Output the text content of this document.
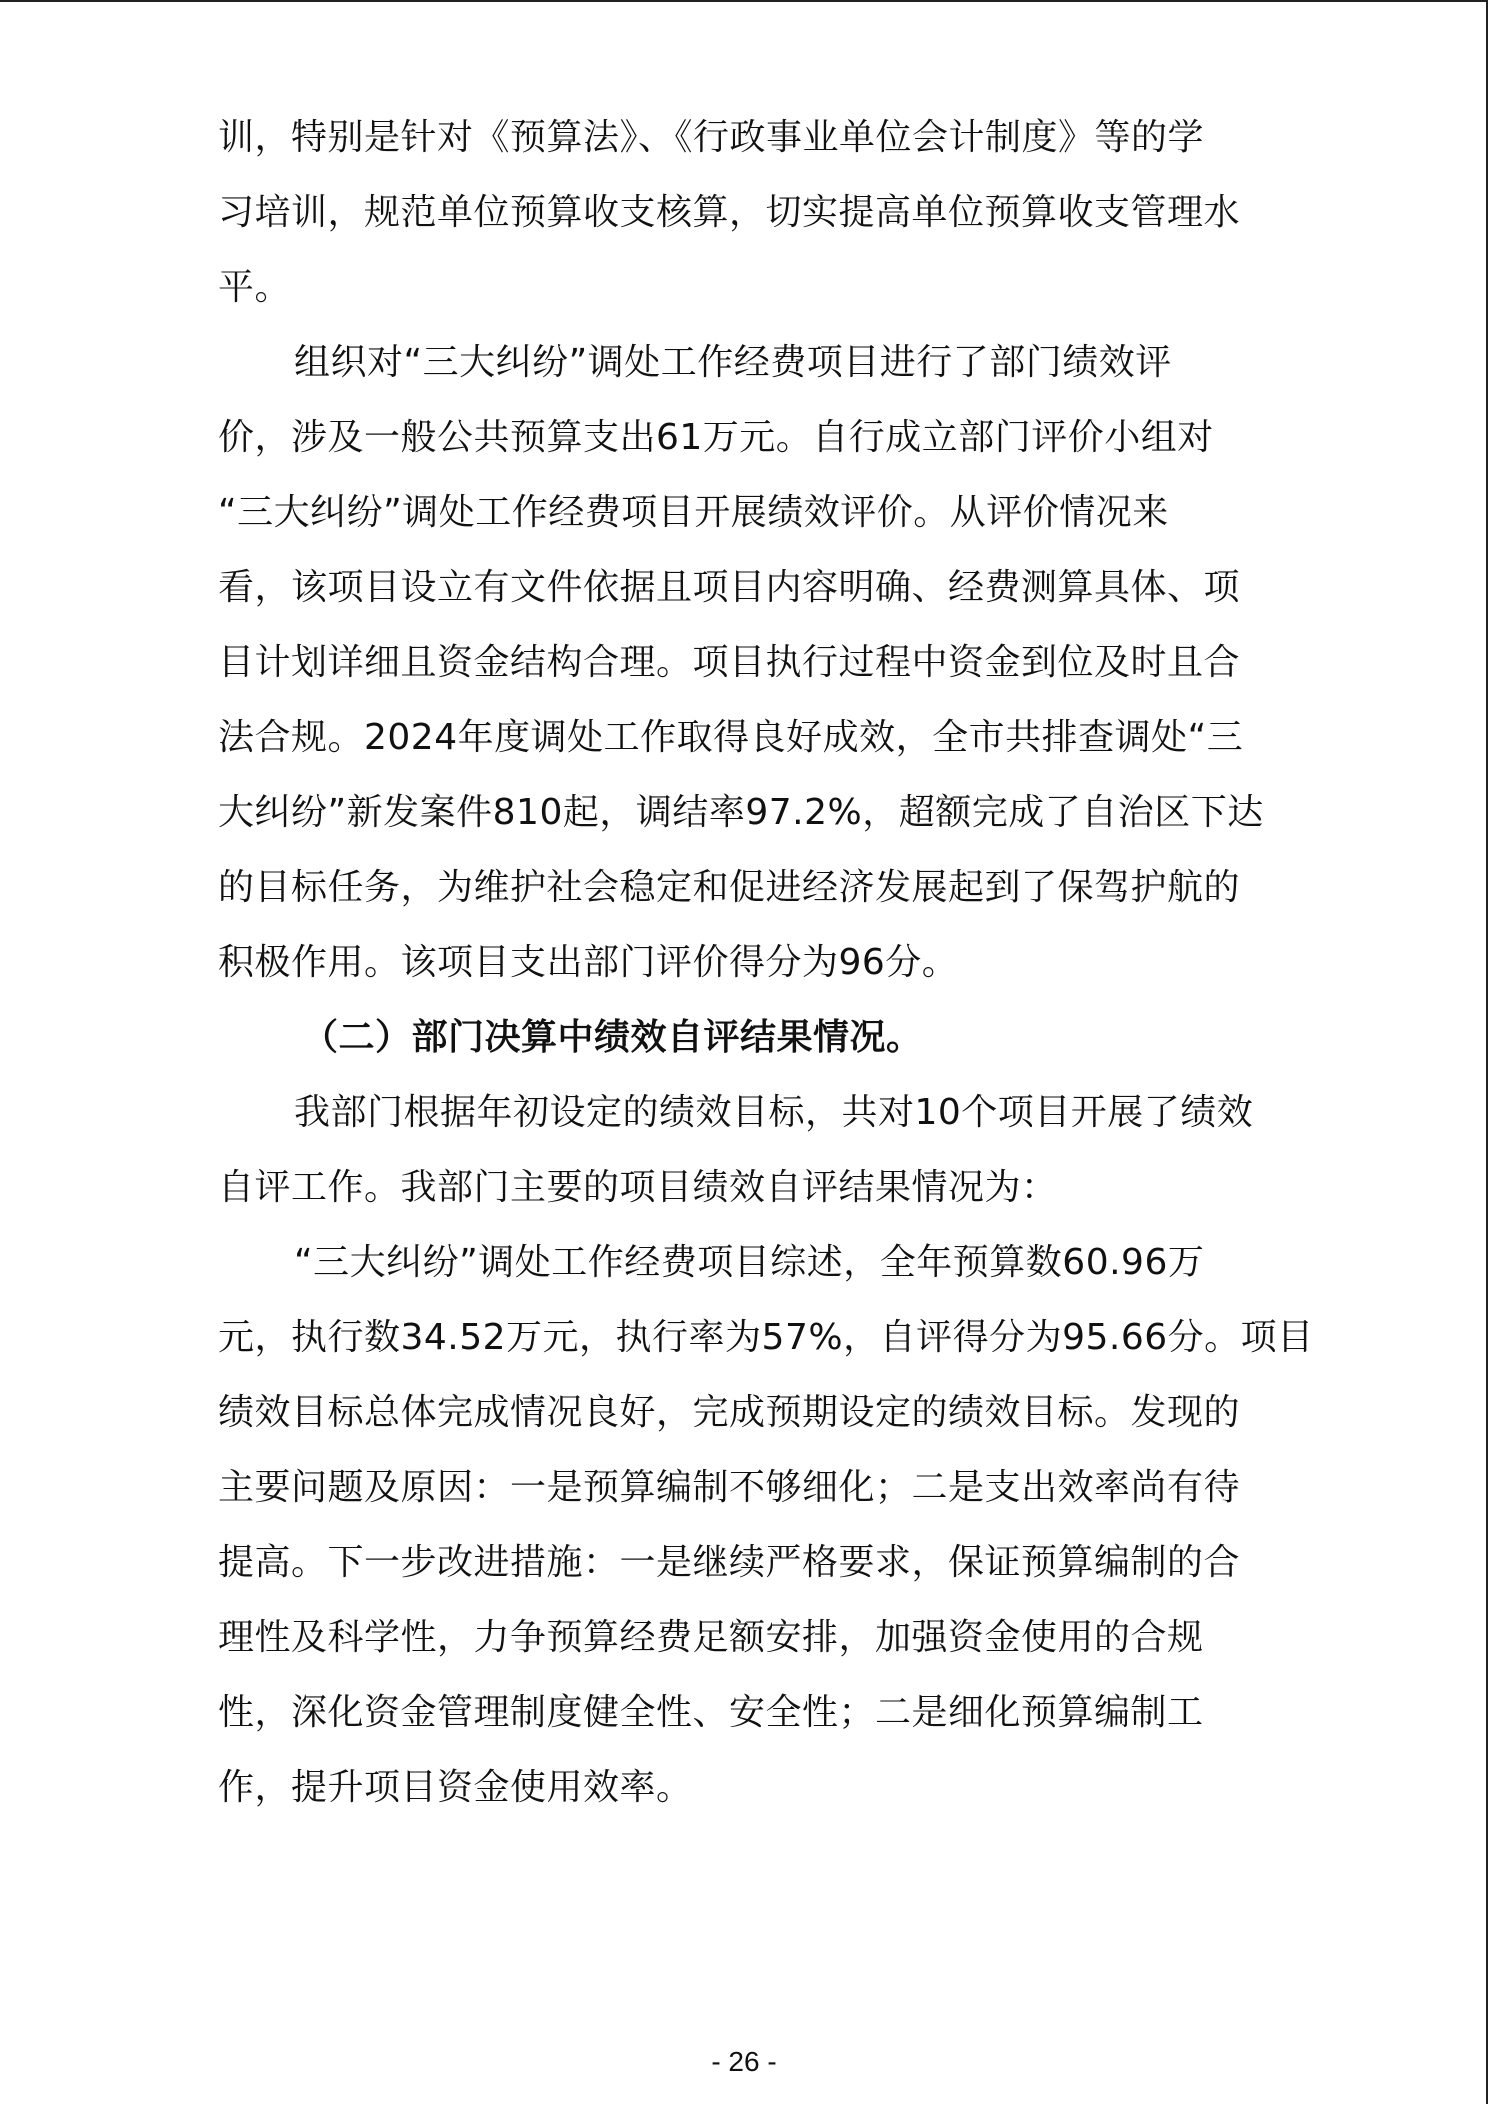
训，特别是针对《预算法》、《行政事业单位会计制度》等的学
习培训，规范单位预算收支核算，切实提高单位预算收支管理水
平。
组织对“三大纠纷”调处工作经费项目进行了部门绩效评
价，涉及一般公共预算支出61万元。自行成立部门评价小组对
“三大纠纷”调处工作经费项目开展绩效评价。从评价情况来
看，该项目设立有文件依据且项目内容明确、经费测算具体、项
目计划详细且资金结构合理。项目执行过程中资金到位及时且合
法合规。2024年度调处工作取得良好成效，全市共排查调处“三
大纠纷”新发案件810起，调结率97.2%，超额完成了自治区下达
的目标任务，为维护社会稳定和促进经济发展起到了保驾护航的
积极作用。该项目支出部门评价得分为96分。
（二）部门决算中绩效自评结果情况。
我部门根据年初设定的绩效目标，共对10个项目开展了绩效
自评工作。我部门主要的项目绩效自评结果情况为：
“三大纠纷”调处工作经费项目综述，全年预算数60.96万
元，执行数34.52万元，执行率为57%，自评得分为95.66分。项目
绩效目标总体完成情况良好，完成预期设定的绩效目标。发现的
主要问题及原因：一是预算编制不够细化；二是支出效率尚有待
提高。下一步改进措施：一是继续严格要求，保证预算编制的合
理性及科学性，力争预算经费足额安排，加强资金使用的合规
性，深化资金管理制度健全性、安全性；二是细化预算编制工
作，提升项目资金使用效率。
- 26 -
